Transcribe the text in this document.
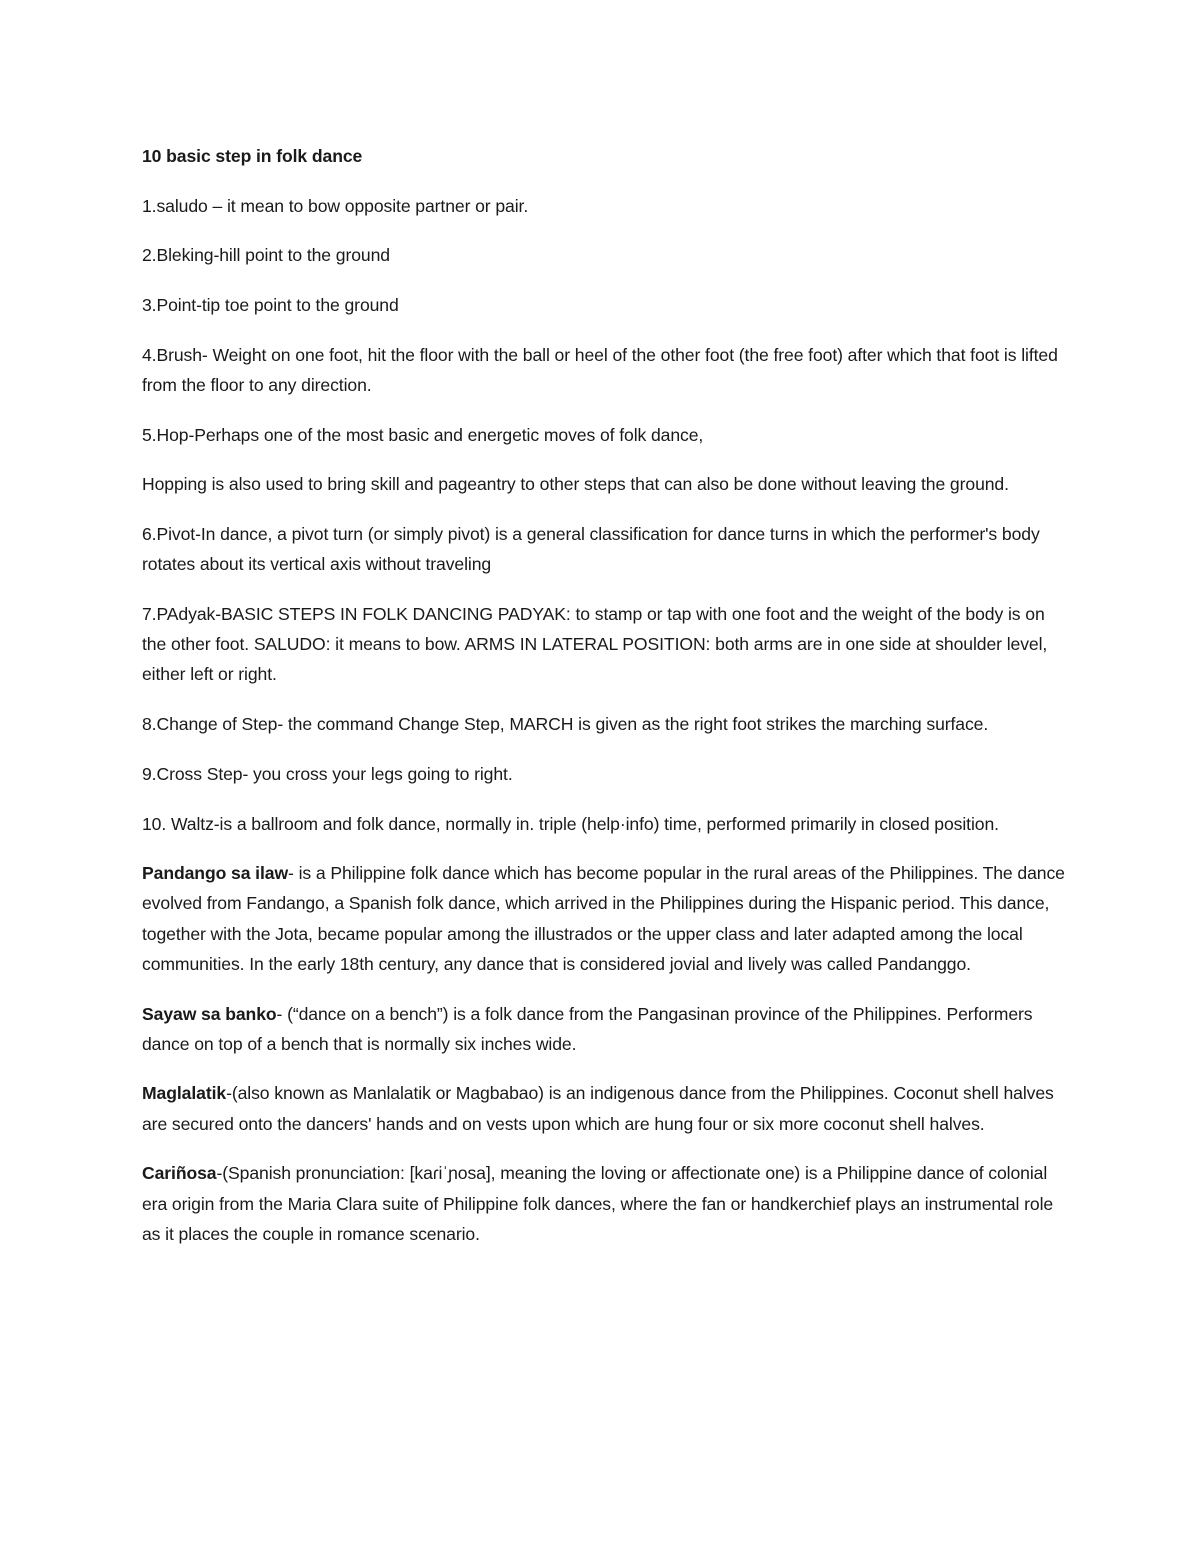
10 basic step in folk dance

1.saludo – it mean to bow opposite partner or pair.

2.Bleking-hill point to the ground

3.Point-tip toe point to the ground

4.Brush- Weight on one foot, hit the floor with the ball or heel of the other foot (the free foot) after which that foot is lifted from the floor to any direction.

5.Hop-Perhaps one of the most basic and energetic moves of folk dance,

Hopping is also used to bring skill and pageantry to other steps that can also be done without leaving the ground.

6.Pivot-In dance, a pivot turn (or simply pivot) is a general classification for dance turns in which the performer's body rotates about its vertical axis without traveling

7.PAdyak-BASIC STEPS IN FOLK DANCING PADYAK: to stamp or tap with one foot and the weight of the body is on the other foot. SALUDO: it means to bow. ARMS IN LATERAL POSITION: both arms are in one side at shoulder level, either left or right.

8.Change of Step- the command Change Step, MARCH is given as the right foot strikes the marching surface.

9.Cross Step- you cross your legs going to right.

10. Waltz-is a ballroom and folk dance, normally in. triple (help·info) time, performed primarily in closed position.

Pandango sa ilaw- is a Philippine folk dance which has become popular in the rural areas of the Philippines. The dance evolved from Fandango, a Spanish folk dance, which arrived in the Philippines during the Hispanic period. This dance, together with the Jota, became popular among the illustrados or the upper class and later adapted among the local communities. In the early 18th century, any dance that is considered jovial and lively was called Pandanggo.

Sayaw sa banko- (“dance on a bench”) is a folk dance from the Pangasinan province of the Philippines. Performers dance on top of a bench that is normally six inches wide.

Maglalatik-(also known as Manlalatik or Magbabao) is an indigenous dance from the Philippines. Coconut shell halves are secured onto the dancers' hands and on vests upon which are hung four or six more coconut shell halves.

Cariñosa-(Spanish pronunciation: [kaɾiˈɲosa], meaning the loving or affectionate one) is a Philippine dance of colonial era origin from the Maria Clara suite of Philippine folk dances, where the fan or handkerchief plays an instrumental role as it places the couple in romance scenario.
